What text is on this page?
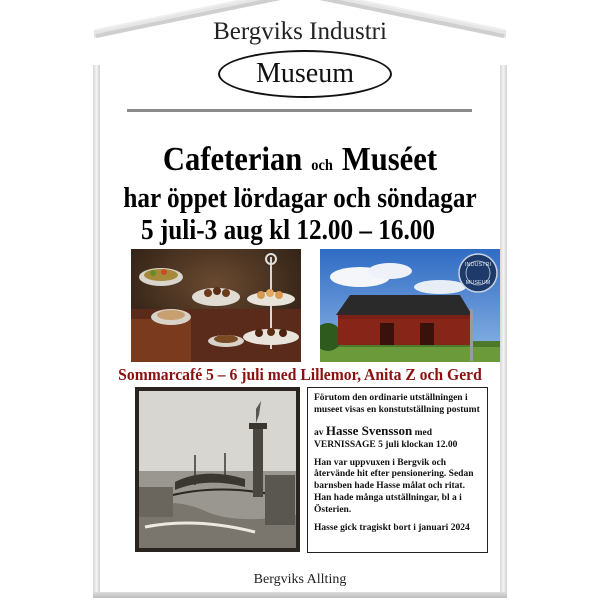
Bergviks Industri
Museum
Cafeterian och Muséet
har öppet lördagar och söndagar
5 juli-3 aug kl 12.00 – 16.00
INDUSTRI
MUSEUM
Sommarcafé 5 – 6 juli med Lillemor, Anita Z och Gerd

Förutom den ordinarie utställningen i museet visas en konstutställning postumt

av Hasse Svensson med
VERNISSAGE 5 juli klockan 12.00

Han var uppvuxen i Bergvik och återvände hit efter pensionering. Sedan barnsben hade Hasse målat och ritat. Han hade många utställningar, bl a i Österien.

Hasse gick tragiskt bort i januari 2024

Bergviks Allting
